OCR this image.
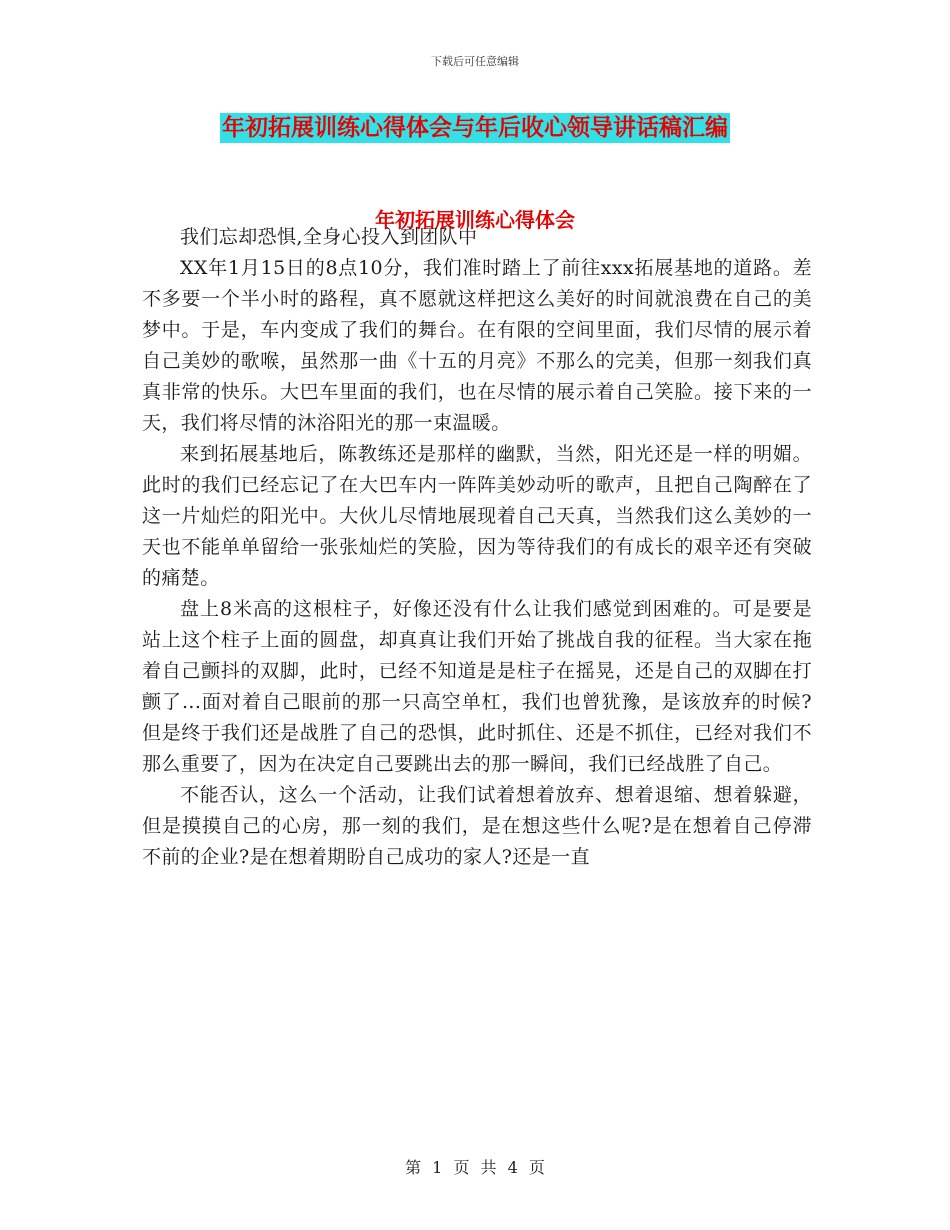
下载后可任意编辑
年初拓展训练心得体会与年后收心领导讲话稿汇编
年初拓展训练心得体会

我们忘却恐惧,全身心投入到团队中

XX年1月15日的8点10分，我们准时踏上了前往xxx拓展基地的道路。差不多要一个半小时的路程，真不愿就这样把这么美好的时间就浪费在自己的美梦中。于是，车内变成了我们的舞台。在有限的空间里面，我们尽情的展示着自己美妙的歌喉，虽然那一曲《十五的月亮》不那么的完美，但那一刻我们真真非常的快乐。大巴车里面的我们，也在尽情的展示着自己笑脸。接下来的一天，我们将尽情的沐浴阳光的那一束温暖。

来到拓展基地后，陈教练还是那样的幽默，当然，阳光还是一样的明媚。此时的我们已经忘记了在大巴车内一阵阵美妙动听的歌声，且把自己陶醉在了这一片灿烂的阳光中。大伙儿尽情地展现着自己天真，当然我们这么美妙的一天也不能单单留给一张张灿烂的笑脸，因为等待我们的有成长的艰辛还有突破的痛楚。

盘上8米高的这根柱子，好像还没有什么让我们感觉到困难的。可是要是站上这个柱子上面的圆盘，却真真让我们开始了挑战自我的征程。当大家在拖着自己颤抖的双脚，此时，已经不知道是是柱子在摇晃，还是自己的双脚在打颤了...面对着自己眼前的那一只高空单杠，我们也曾犹豫，是该放弃的时候?但是终于我们还是战胜了自己的恐惧，此时抓住、还是不抓住，已经对我们不那么重要了，因为在决定自己要跳出去的那一瞬间，我们已经战胜了自己。

不能否认，这么一个活动，让我们试着想着放弃、想着退缩、想着躲避，但是摸摸自己的心房，那一刻的我们，是在想这些什么呢?是在想着自己停滞不前的企业?是在想着期盼自己成功的家人?还是一直

第 1 页 共 4 页
